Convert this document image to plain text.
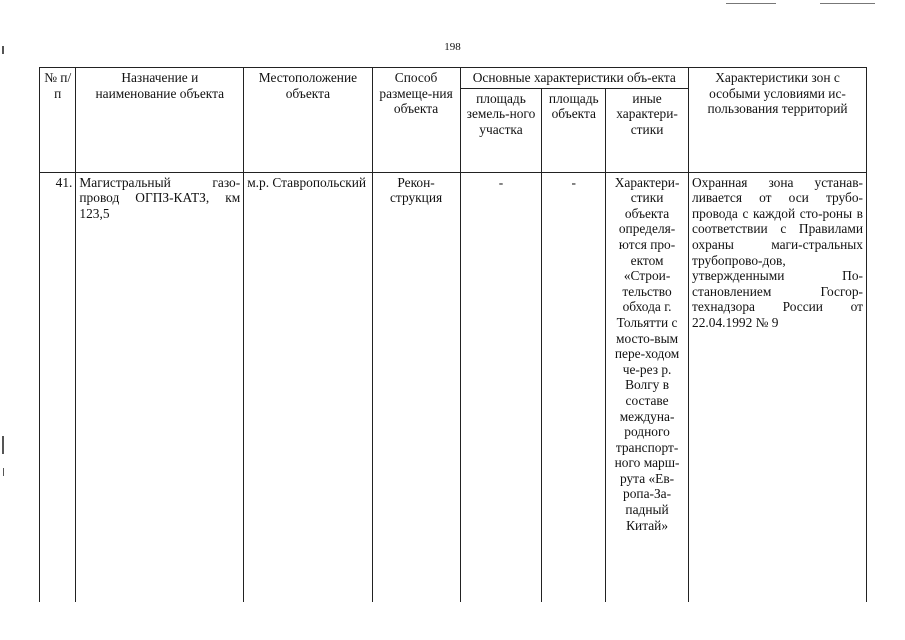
198
№ п/п	Назначение и наименование объекта	Местоположение объекта	Способ размеще-ния объекта	Основные характеристики объ-екта			Характеристики зон с особыми условиями ис-пользования территорий
				площадь земель-ного участка	площадь объекта	иные характери-стики	
41.	Магистральный газо-провод ОГПЗ-КАТЗ, км 123,5	м.р. Ставропольский	Рекон-струкция	-	-	Характери-стики объекта определя-ются про-ектом «Строи-тельство обхода г. Тольятти с мосто-вым пере-ходом че-рез р. Волгу в составе междуна-родного транспорт-ного марш-рута «Ев-ропа-За-падный Китай»	Охранная зона устанав-ливается от оси трубо-провода с каждой сто-роны в соответствии с Правилами охраны маги-стральных трубопрово-дов, утвержденными По-становлением Госгор-технадзора России от 22.04.1992 № 9
